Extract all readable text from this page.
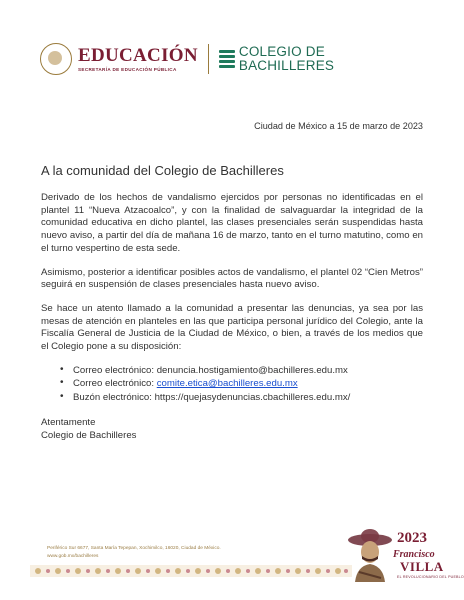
EDUCACIÓN
SECRETARÍA DE EDUCACIÓN PÚBLICA
COLEGIO DE
BACHILLERES
Ciudad de México a 15 de marzo de 2023
A la comunidad del Colegio de Bachilleres

Derivado de los hechos de vandalismo ejercidos por personas no identificadas en el plantel 11 “Nueva Atzacoalco”, y con la finalidad de salvaguardar la integridad de la comunidad educativa en dicho plantel, las clases presenciales serán suspendidas hasta nuevo aviso, a partir del día de mañana 16 de marzo, tanto en el turno matutino, como en el turno vespertino de esta sede.

Asimismo, posterior a identificar posibles actos de vandalismo, el plantel 02 “Cien Metros” seguirá en suspensión de clases presenciales hasta nuevo aviso.

Se hace un atento llamado a la comunidad a presentar las denuncias, ya sea por las mesas de atención en planteles en las que participa personal jurídico del Colegio, ante la Fiscalía General de Justicia de la Ciudad de México, o bien, a través de los medios que el Colegio pone a su disposición:

• Correo electrónico: denuncia.hostigamiento@bachilleres.edu.mx
• Correo electrónico: comite.etica@bachilleres.edu.mx
• Buzón electrónico: https://quejasydenuncias.cbachilleres.edu.mx/
Atentamente
Colegio de Bachilleres
Periférico Sur 6677, Santa María Tepepan, Xochimilco, 16020, Ciudad de México.
www.gob.mx/bachilleres
2023
Francisco
VILLA
EL REVOLUCIONARIO DEL PUEBLO
